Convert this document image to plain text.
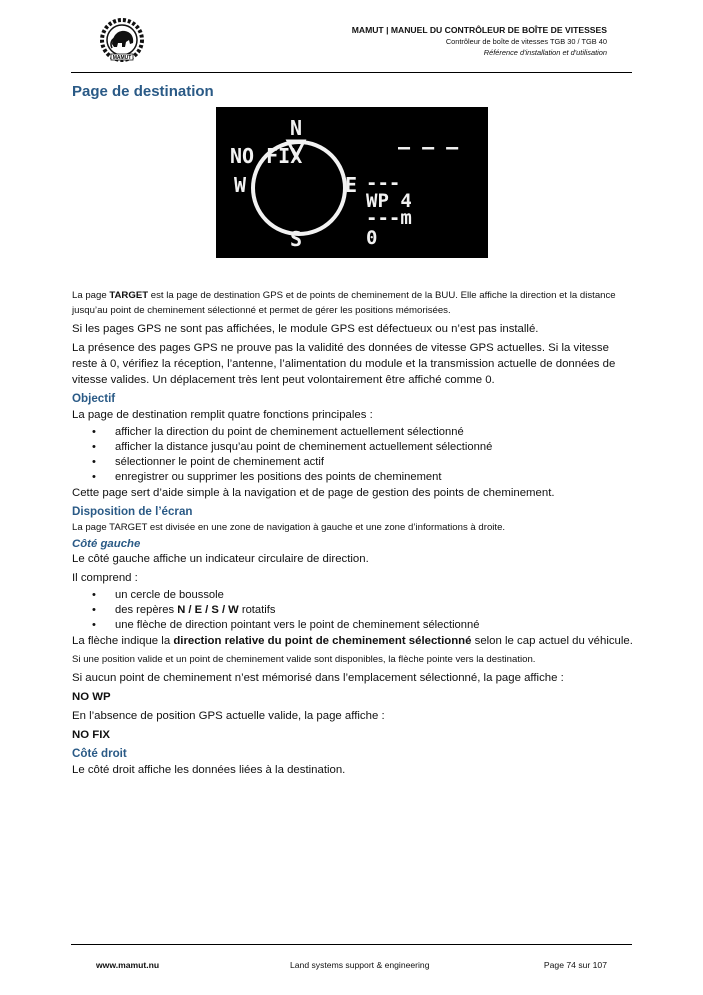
MAMUT
MAMUT | MANUEL DU CONTRÔLEUR DE BOÎTE DE VITESSES
Contrôleur de boîte de vitesses TGB 30 / TGB 40
Référence d'installation et d'utilisation
Page de destination
N
NO FIX
W	E
S
— — —
---
WP 4
---m
0

La page TARGET est la page de destination GPS et de points de cheminement de la BUU. Elle affiche la direction et la distance jusqu’au point de cheminement sélectionné et permet de gérer les positions mémorisées.

Si les pages GPS ne sont pas affichées, le module GPS est défectueux ou n’est pas installé.

La présence des pages GPS ne prouve pas la validité des données de vitesse GPS actuelles. Si la vitesse reste à 0, vérifiez la réception, l’antenne, l’alimentation du module et la transmission actuelle de données de vitesse valides. Un déplacement très lent peut volontairement être affiché comme 0.

Objectif

La page de destination remplit quatre fonctions principales :

• afficher la direction du point de cheminement actuellement sélectionné
• afficher la distance jusqu’au point de cheminement actuellement sélectionné
• sélectionner le point de cheminement actif
• enregistrer ou supprimer les positions des points de cheminement

Cette page sert d’aide simple à la navigation et de page de gestion des points de cheminement.

Disposition de l’écran

La page TARGET est divisée en une zone de navigation à gauche et une zone d’informations à droite.

Côté gauche

Le côté gauche affiche un indicateur circulaire de direction.

Il comprend :

• un cercle de boussole
• des repères N / E / S / W rotatifs
• une flèche de direction pointant vers le point de cheminement sélectionné

La flèche indique la direction relative du point de cheminement sélectionné selon le cap actuel du véhicule.

Si une position valide et un point de cheminement valide sont disponibles, la flèche pointe vers la destination.

Si aucun point de cheminement n’est mémorisé dans l’emplacement sélectionné, la page affiche :

NO WP

En l’absence de position GPS actuelle valide, la page affiche :

NO FIX

Côté droit

Le côté droit affiche les données liées à la destination.

www.mamut.nu	Land systems support & engineering	Page 74 sur 107
